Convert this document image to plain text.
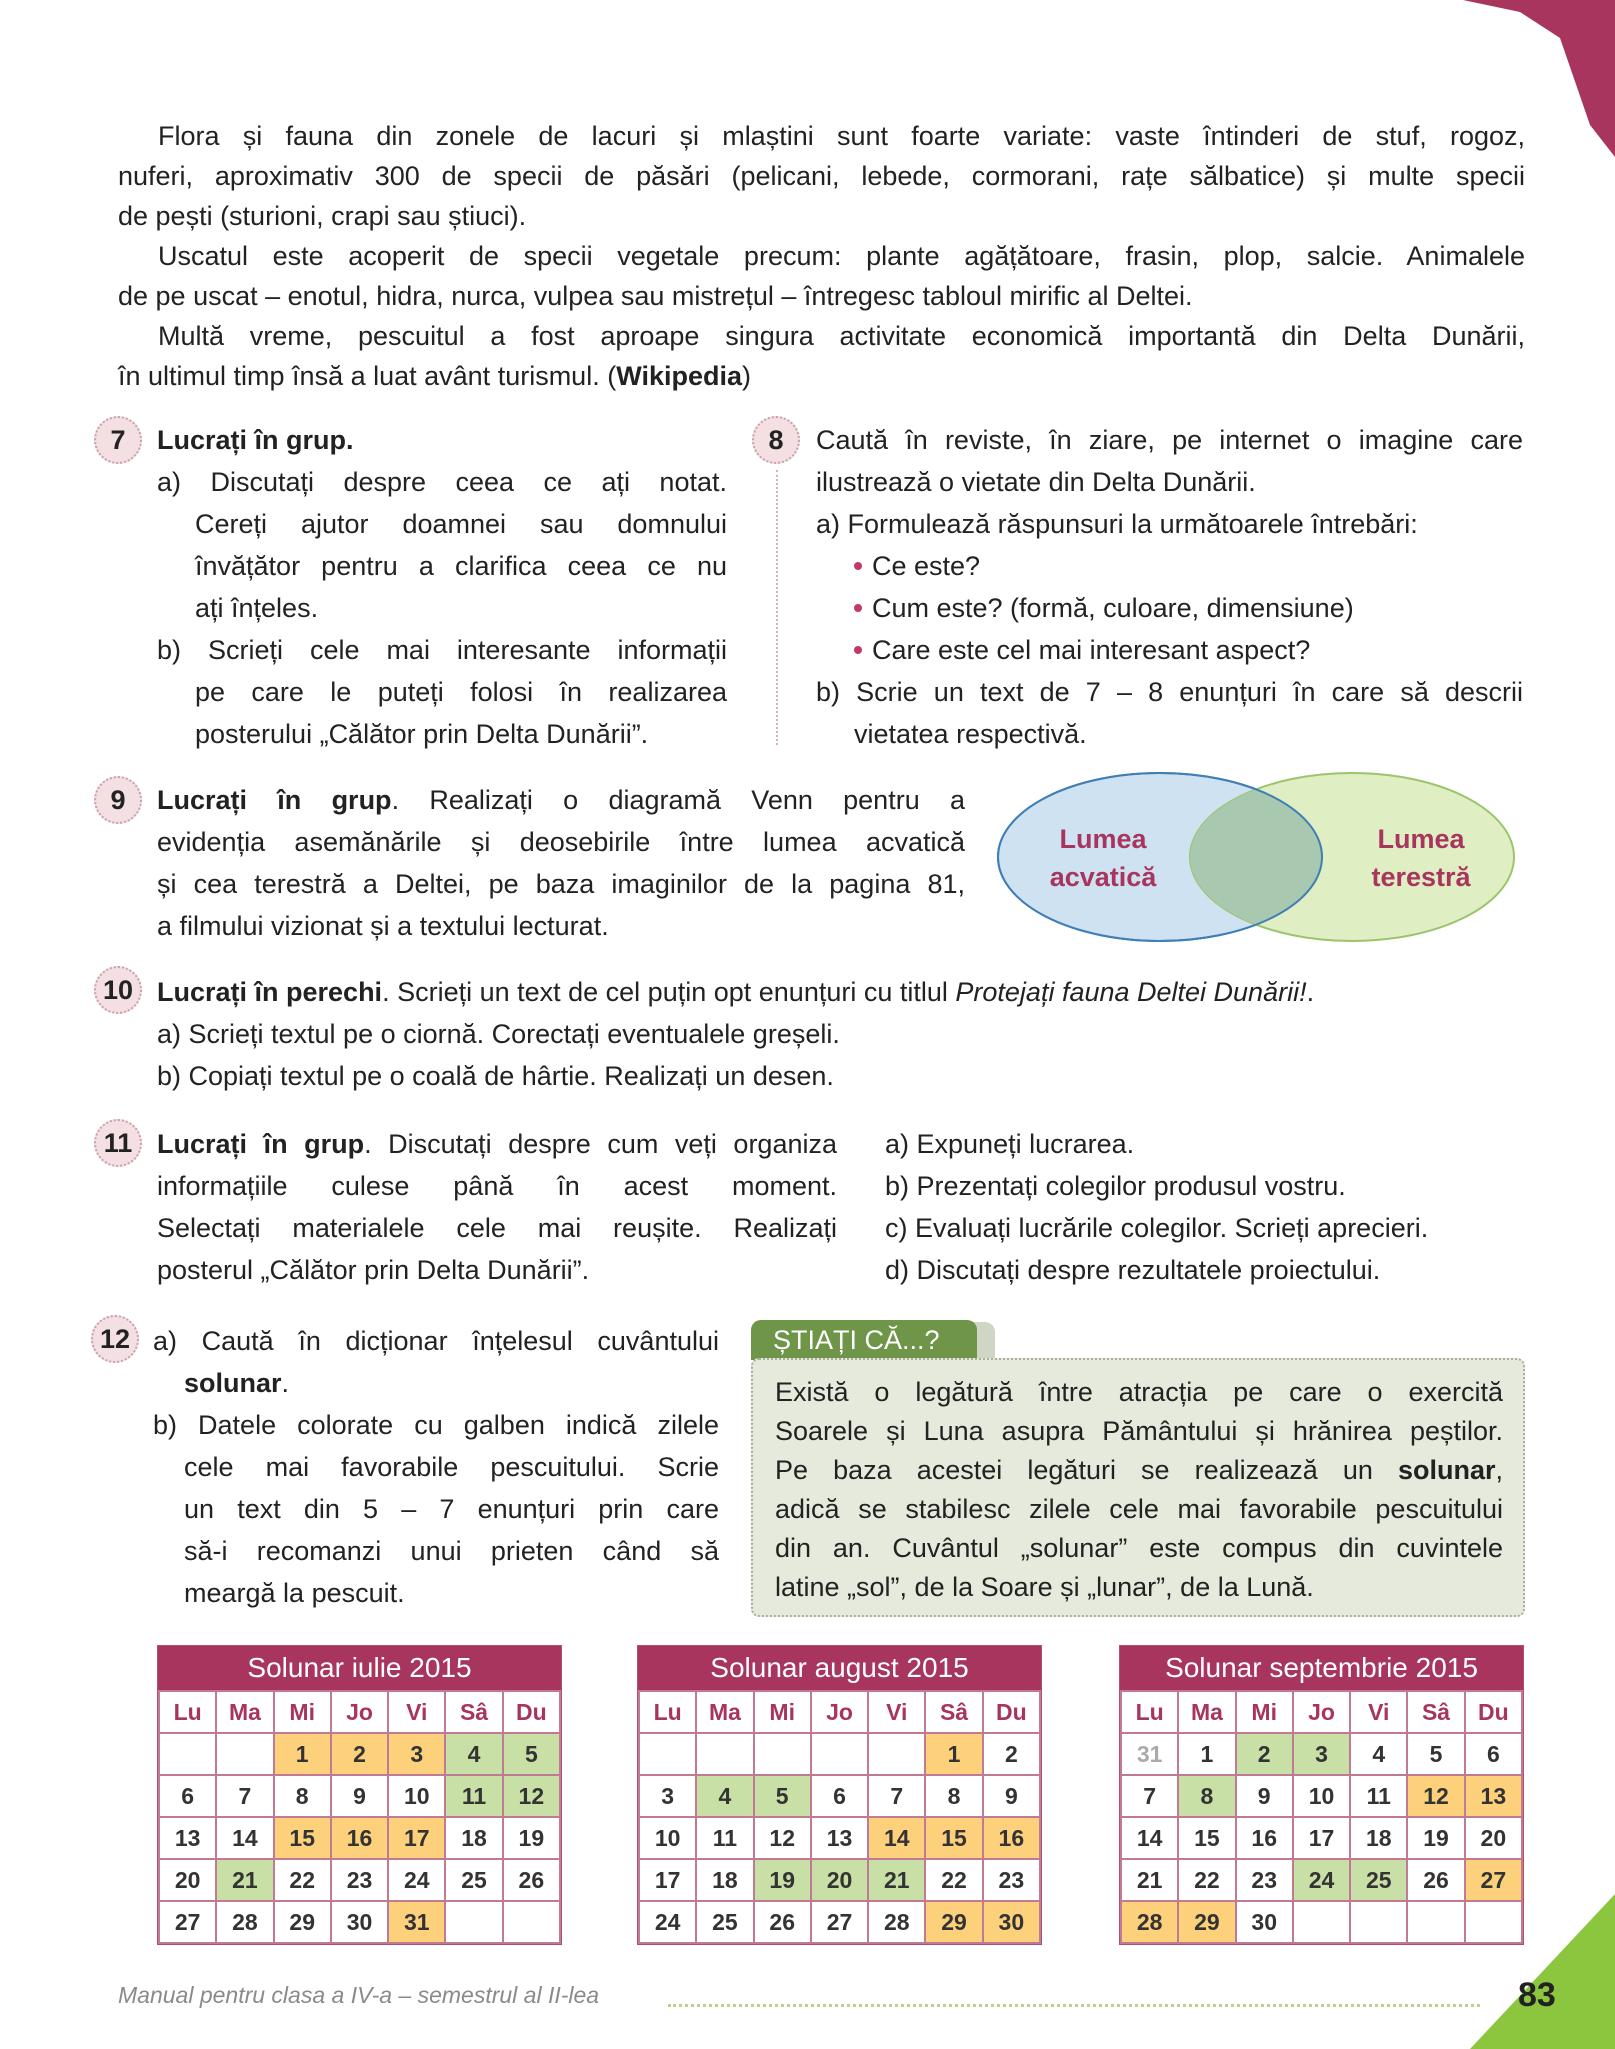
Flora și fauna din zonele de lacuri și mlaștini sunt foarte variate: vaste întinderi de stuf, rogoz,
nuferi, aproximativ 300 de specii de păsări (pelicani, lebede, cormorani, rațe sălbatice) și multe specii
de pești (sturioni, crapi sau știuci).
Uscatul este acoperit de specii vegetale precum: plante agățătoare, frasin, plop, salcie. Animalele
de pe uscat – enotul, hidra, nurca, vulpea sau mistrețul – întregesc tabloul mirific al Deltei.
Multă vreme, pescuitul a fost aproape singura activitate economică importantă din Delta Dunării,
în ultimul timp însă a luat avânt turismul. (Wikipedia)
7	Lucrați în grup.
a) Discutați despre ceea ce ați notat.
Cereți ajutor doamnei sau domnului
învățător pentru a clarifica ceea ce nu
ați înțeles.
b) Scrieți cele mai interesante informații
pe care le puteți folosi în realizarea
posterului „Călător prin Delta Dunării”.
8	Caută în reviste, în ziare, pe internet o imagine care
ilustrează o vietate din Delta Dunării.
a) Formulează răspunsuri la următoarele întrebări:
Ce este?
Cum este? (formă, culoare, dimensiune)
Care este cel mai interesant aspect?
b) Scrie un text de 7 – 8 enunțuri în care să descrii
vietatea respectivă.
9	Lucrați în grup. Realizați o diagramă Venn pentru a
evidenția asemănările și deosebirile între lumea acvatică
și cea terestră a Deltei, pe baza imaginilor de la pagina 81,
a filmului vizionat și a textului lecturat.
Lumea
acvatică
Lumea
terestră
10 Lucrați în perechi. Scrieți un text de cel puțin opt enunțuri cu titlul Protejați fauna Deltei Dunării!.
a) Scrieți textul pe o ciornă. Corectați eventualele greșeli.
b) Copiați textul pe o coală de hârtie. Realizați un desen.
11 Lucrați în grup. Discutați despre cum veți organiza
informațiile culese până în acest moment.
Selectați materialele cele mai reușite. Realizați
posterul „Călător prin Delta Dunării”.
a) Expuneți lucrarea.
b) Prezentați colegilor produsul vostru.
c) Evaluați lucrările colegilor. Scrieți aprecieri.
d) Discutați despre rezultatele proiectului.
12 a) Caută în dicționar înțelesul cuvântului
solunar.
b) Datele colorate cu galben indică zilele
cele mai favorabile pescuitului. Scrie
un text din 5 – 7 enunțuri prin care
să-i recomanzi unui prieten când să
meargă la pescuit.
ȘTIAȚI CĂ...?
Există o legătură între atracția pe care o exercită
Soarele și Luna asupra Pământului și hrănirea peștilor.
Pe baza acestei legături se realizează un solunar,
adică se stabilesc zilele cele mai favorabile pescuitului
din an. Cuvântul „solunar” este compus din cuvintele
latine „sol”, de la Soare și „lunar”, de la Lună.
Solunar iulie 2015
Lu	Ma	Mi	Jo	Vi	Sâ	Du
		1	2	3	4	5
6	7	8	9	10	11	12
13	14	15	16	17	18	19
20	21	22	23	24	25	26
27	28	29	30	31		
Solunar august 2015
Lu	Ma	Mi	Jo	Vi	Sâ	Du
					1	2
3	4	5	6	7	8	9
10	11	12	13	14	15	16
17	18	19	20	21	22	23
24	25	26	27	28	29	30
Solunar septembrie 2015
Lu	Ma	Mi	Jo	Vi	Sâ	Du
31	1	2	3	4	5	6
7	8	9	10	11	12	13
14	15	16	17	18	19	20
21	22	23	24	25	26	27
28	29	30				
Manual pentru clasa a IV-a – semestrul al II-lea	83
